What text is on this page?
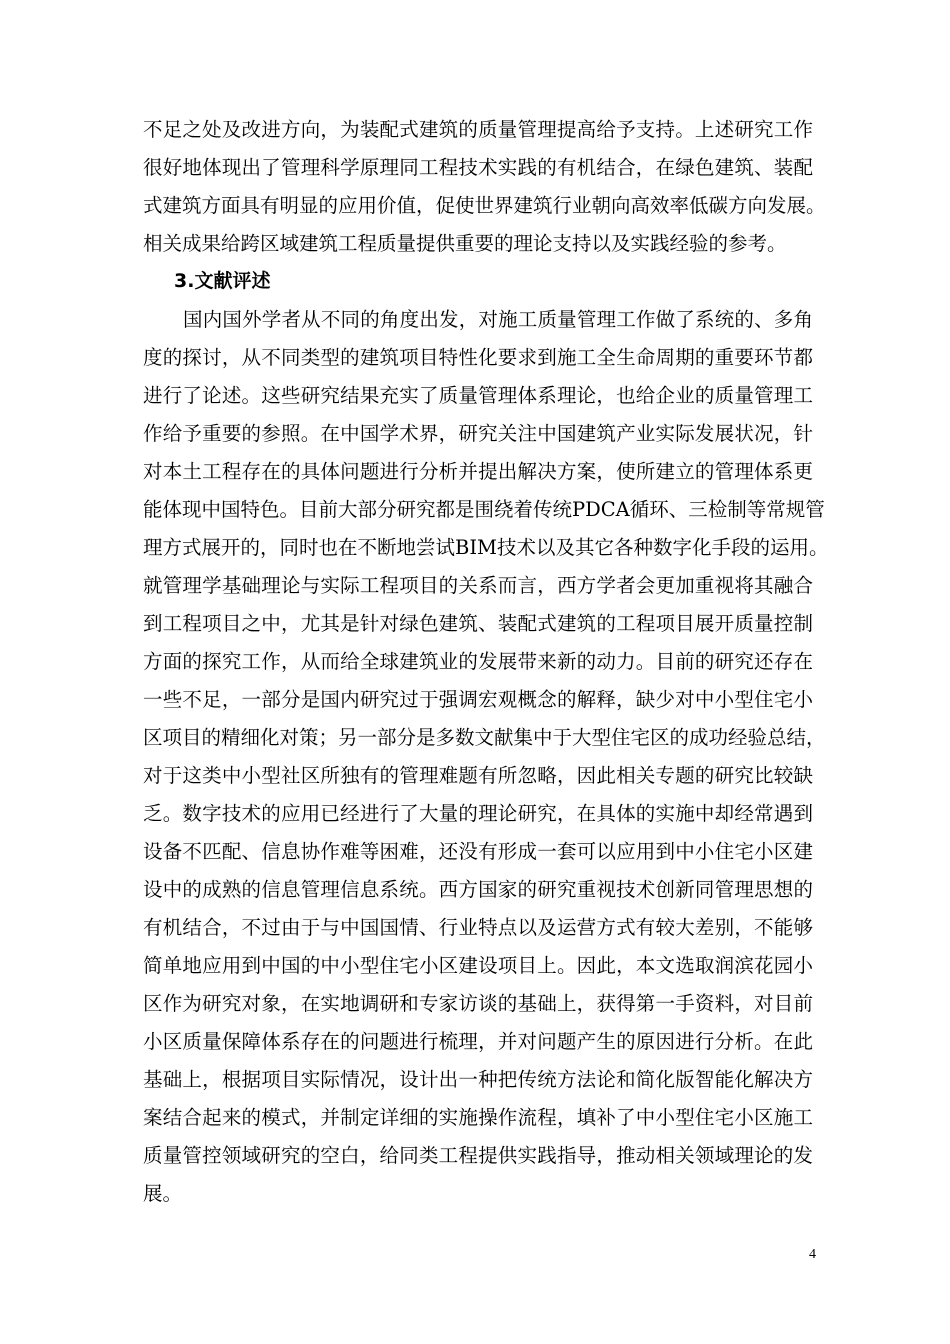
不足之处及改进方向，为装配式建筑的质量管理提高给予支持。上述研究工作
很好地体现出了管理科学原理同工程技术实践的有机结合，在绿色建筑、装配
式建筑方面具有明显的应用价值，促使世界建筑行业朝向高效率低碳方向发展。
相关成果给跨区域建筑工程质量提供重要的理论支持以及实践经验的参考。
3.文献评述
国内国外学者从不同的角度出发，对施工质量管理工作做了系统的、多角
度的探讨，从不同类型的建筑项目特性化要求到施工全生命周期的重要环节都
进行了论述。这些研究结果充实了质量管理体系理论，也给企业的质量管理工
作给予重要的参照。在中国学术界，研究关注中国建筑产业实际发展状况，针
对本土工程存在的具体问题进行分析并提出解决方案，使所建立的管理体系更
能体现中国特色。目前大部分研究都是围绕着传统PDCA循环、三检制等常规管
理方式展开的，同时也在不断地尝试BIM技术以及其它各种数字化手段的运用。
就管理学基础理论与实际工程项目的关系而言，西方学者会更加重视将其融合
到工程项目之中，尤其是针对绿色建筑、装配式建筑的工程项目展开质量控制
方面的探究工作，从而给全球建筑业的发展带来新的动力。目前的研究还存在
一些不足，一部分是国内研究过于强调宏观概念的解释，缺少对中小型住宅小
区项目的精细化对策；另一部分是多数文献集中于大型住宅区的成功经验总结，
对于这类中小型社区所独有的管理难题有所忽略，因此相关专题的研究比较缺
乏。数字技术的应用已经进行了大量的理论研究，在具体的实施中却经常遇到
设备不匹配、信息协作难等困难，还没有形成一套可以应用到中小住宅小区建
设中的成熟的信息管理信息系统。西方国家的研究重视技术创新同管理思想的
有机结合，不过由于与中国国情、行业特点以及运营方式有较大差别，不能够
简单地应用到中国的中小型住宅小区建设项目上。因此，本文选取润滨花园小
区作为研究对象，在实地调研和专家访谈的基础上，获得第一手资料，对目前
小区质量保障体系存在的问题进行梳理，并对问题产生的原因进行分析。在此
基础上，根据项目实际情况，设计出一种把传统方法论和简化版智能化解决方
案结合起来的模式，并制定详细的实施操作流程，填补了中小型住宅小区施工
质量管控领域研究的空白，给同类工程提供实践指导，推动相关领域理论的发
展。
4
